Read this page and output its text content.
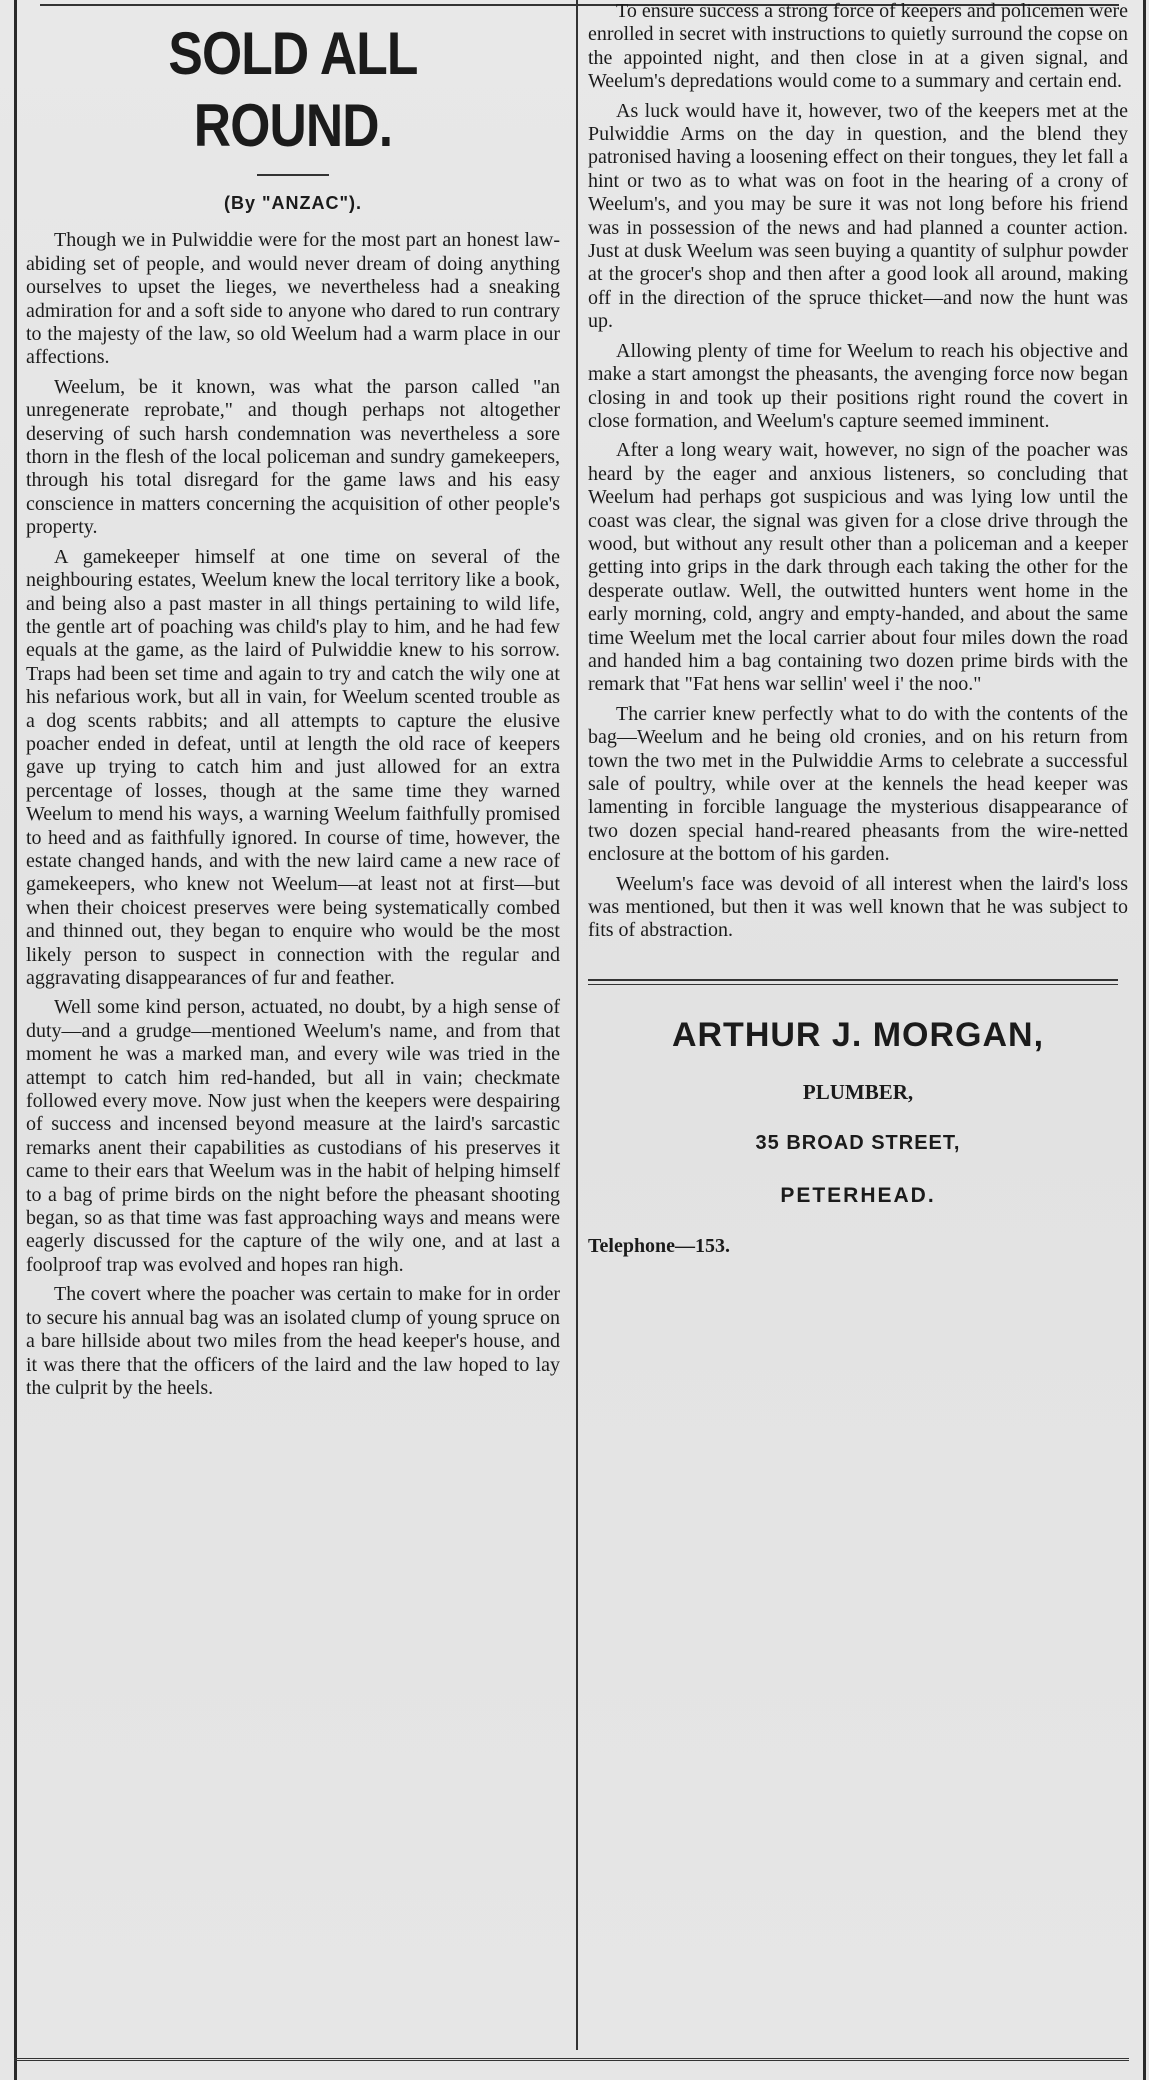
SOLD ALL ROUND.
(By "ANZAC").

Though we in Pulwiddie were for the most part an honest law-abiding set of people, and would never dream of doing anything ourselves to upset the lieges, we nevertheless had a sneaking admiration for and a soft side to anyone who dared to run contrary to the majesty of the law, so old Weelum had a warm place in our affections.

Weelum, be it known, was what the parson called "an unregenerate reprobate," and though perhaps not altogether deserving of such harsh condemnation was nevertheless a sore thorn in the flesh of the local policeman and sundry gamekeepers, through his total disregard for the game laws and his easy conscience in matters concerning the acquisition of other people's property.

A gamekeeper himself at one time on several of the neighbouring estates, Weelum knew the local territory like a book, and being also a past master in all things pertaining to wild life, the gentle art of poaching was child's play to him, and he had few equals at the game, as the laird of Pulwiddie knew to his sorrow. Traps had been set time and again to try and catch the wily one at his nefarious work, but all in vain, for Weelum scented trouble as a dog scents rabbits; and all attempts to capture the elusive poacher ended in defeat, until at length the old race of keepers gave up trying to catch him and just allowed for an extra percentage of losses, though at the same time they warned Weelum to mend his ways, a warning Weelum faithfully promised to heed and as faithfully ignored. In course of time, however, the estate changed hands, and with the new laird came a new race of gamekeepers, who knew not Weelum—at least not at first—but when their choicest preserves were being systematically combed and thinned out, they began to enquire who would be the most likely person to suspect in connection with the regular and aggravating disappearances of fur and feather.

Well some kind person, actuated, no doubt, by a high sense of duty—and a grudge—mentioned Weelum's name, and from that moment he was a marked man, and every wile was tried in the attempt to catch him red-handed, but all in vain; checkmate followed every move. Now just when the keepers were despairing of success and incensed beyond measure at the laird's sarcastic remarks anent their capabilities as custodians of his preserves it came to their ears that Weelum was in the habit of helping himself to a bag of prime birds on the night before the pheasant shooting began, so as that time was fast approaching ways and means were eagerly discussed for the capture of the wily one, and at last a foolproof trap was evolved and hopes ran high.

The covert where the poacher was certain to make for in order to secure his annual bag was an isolated clump of young spruce on a bare hillside about two miles from the head keeper's house, and it was there that the officers of the laird and the law hoped to lay the culprit by the heels.

To ensure success a strong force of keepers and policemen were enrolled in secret with instructions to quietly surround the copse on the appointed night, and then close in at a given signal, and Weelum's depredations would come to a summary and certain end.

As luck would have it, however, two of the keepers met at the Pulwiddie Arms on the day in question, and the blend they patronised having a loosening effect on their tongues, they let fall a hint or two as to what was on foot in the hearing of a crony of Weelum's, and you may be sure it was not long before his friend was in possession of the news and had planned a counter action. Just at dusk Weelum was seen buying a quantity of sulphur powder at the grocer's shop and then after a good look all around, making off in the direction of the spruce thicket—and now the hunt was up.

Allowing plenty of time for Weelum to reach his objective and make a start amongst the pheasants, the avenging force now began closing in and took up their positions right round the covert in close formation, and Weelum's capture seemed imminent.

After a long weary wait, however, no sign of the poacher was heard by the eager and anxious listeners, so concluding that Weelum had perhaps got suspicious and was lying low until the coast was clear, the signal was given for a close drive through the wood, but without any result other than a policeman and a keeper getting into grips in the dark through each taking the other for the desperate outlaw. Well, the outwitted hunters went home in the early morning, cold, angry and empty-handed, and about the same time Weelum met the local carrier about four miles down the road and handed him a bag containing two dozen prime birds with the remark that "Fat hens war sellin' weel i' the noo."

The carrier knew perfectly what to do with the contents of the bag—Weelum and he being old cronies, and on his return from town the two met in the Pulwiddie Arms to celebrate a successful sale of poultry, while over at the kennels the head keeper was lamenting in forcible language the mysterious disappearance of two dozen special hand-reared pheasants from the wire-netted enclosure at the bottom of his garden.

Weelum's face was devoid of all interest when the laird's loss was mentioned, but then it was well known that he was subject to fits of abstraction.

ARTHUR J. MORGAN,
PLUMBER,
35 BROAD STREET,
PETERHEAD.
Telephone—153.
